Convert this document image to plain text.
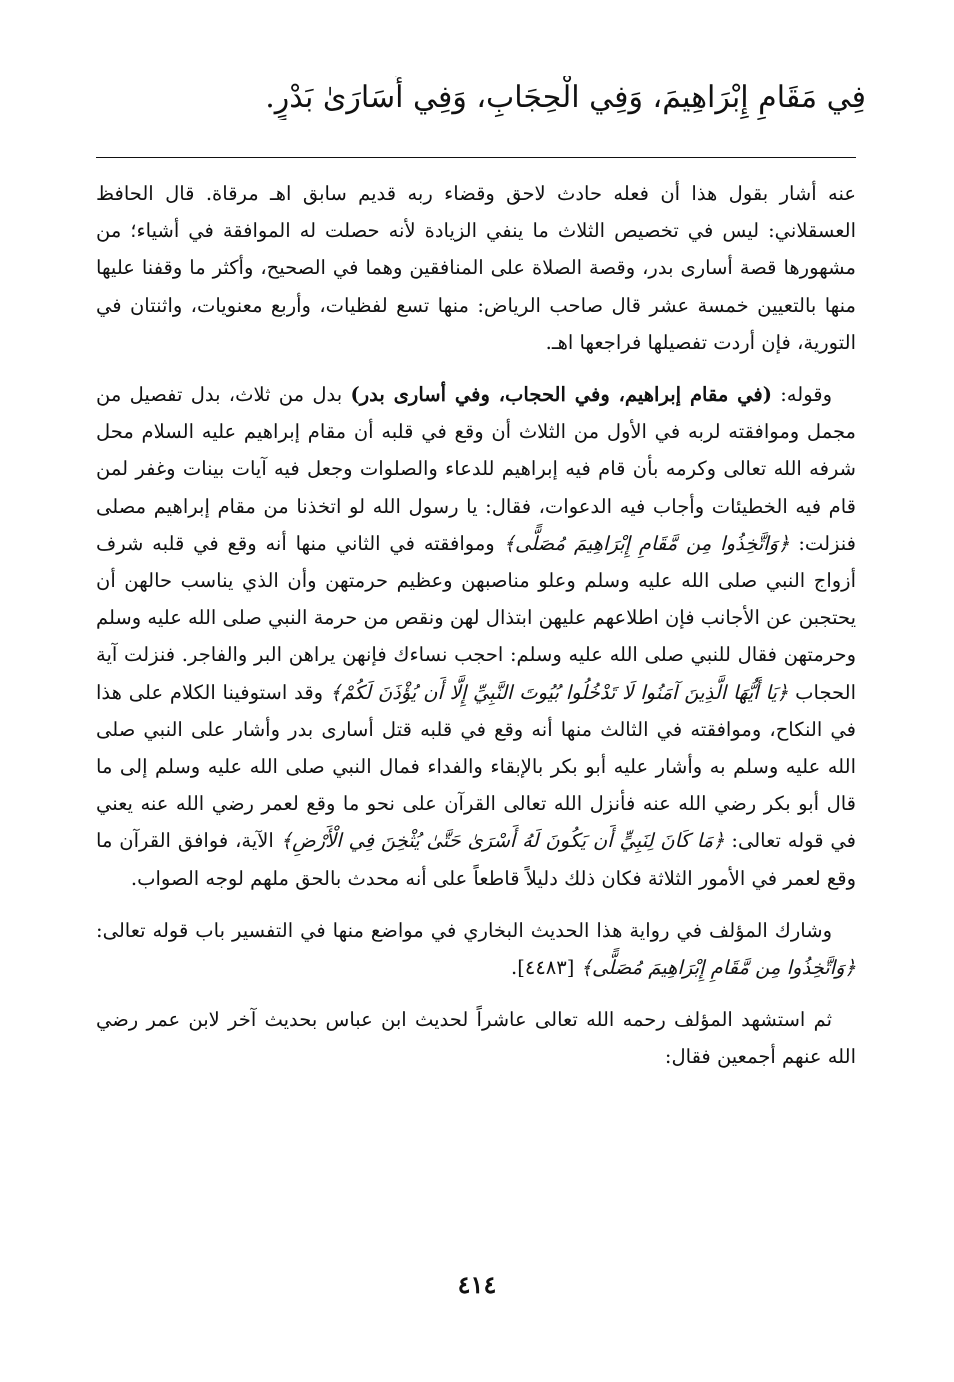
فِي مَقَامِ إِبْرَاهِيمَ، وَفِي الْحِجَابِ، وَفِي أُسَارَىٰ بَدْرٍ.

عنه أشار بقول هذا أن فعله حادث لاحق وقضاء ربه قديم سابق اهـ مرقاة. قال الحافظ العسقلاني: ليس في تخصيص الثلاث ما ينفي الزيادة لأنه حصلت له الموافقة في أشياء؛ من مشهورها قصة أسارى بدر، وقصة الصلاة على المنافقين وهما في الصحيح، وأكثر ما وقفنا عليها منها بالتعيين خمسة عشر قال صاحب الرياض: منها تسع لفظيات، وأربع معنويات، واثنتان في التورية، فإن أردت تفصيلها فراجعها اهـ.

وقوله: (في مقام إبراهيم، وفي الحجاب، وفي أسارى بدر) بدل من ثلاث، بدل تفصيل من مجمل وموافقته لربه في الأول من الثلاث أن وقع في قلبه أن مقام إبراهيم عليه السلام محل شرفه الله تعالى وكرمه بأن قام فيه إبراهيم للدعاء والصلوات وجعل فيه آيات بينات وغفر لمن قام فيه الخطيئات وأجاب فيه الدعوات، فقال: يا رسول الله لو اتخذنا من مقام إبراهيم مصلى فنزلت: ﴿وَاتَّخِذُوا مِن مَّقَامِ إِبْرَاهِيمَ مُصَلًّى﴾ وموافقته في الثاني منها أنه وقع في قلبه شرف أزواج النبي صلى الله عليه وسلم وعلو مناصبهن وعظيم حرمتهن وأن الذي يناسب حالهن أن يحتجبن عن الأجانب فإن اطلاعهم عليهن ابتذال لهن ونقص من حرمة النبي صلى الله عليه وسلم وحرمتهن فقال للنبي صلى الله عليه وسلم: احجب نساءك فإنهن يراهن البر والفاجر. فنزلت آية الحجاب ﴿يَا أَيُّهَا الَّذِينَ آمَنُوا لَا تَدْخُلُوا بُيُوتَ النَّبِيِّ إِلَّا أَن يُؤْذَنَ لَكُمْ﴾ وقد استوفينا الكلام على هذا في النكاح، وموافقته في الثالث منها أنه وقع في قلبه قتل أسارى بدر وأشار على النبي صلى الله عليه وسلم به وأشار عليه أبو بكر بالإبقاء والفداء فمال النبي صلى الله عليه وسلم إلى ما قال أبو بكر رضي الله عنه فأنزل الله تعالى القرآن على نحو ما وقع لعمر رضي الله عنه يعني في قوله تعالى: ﴿مَا كَانَ لِنَبِيٍّ أَن يَكُونَ لَهُ أَسْرَىٰ حَتَّىٰ يُثْخِنَ فِي الْأَرْضِ﴾ الآية، فوافق القرآن ما وقع لعمر في الأمور الثلاثة فكان ذلك دليلاً قاطعاً على أنه محدث بالحق ملهم لوجه الصواب.

وشارك المؤلف في رواية هذا الحديث البخاري في مواضع منها في التفسير باب قوله تعالى: ﴿وَاتَّخِذُوا مِن مَّقَامِ إِبْرَاهِيمَ مُصَلًّى﴾ [٤٤٨٣].

ثم استشهد المؤلف رحمه الله تعالى عاشراً لحديث ابن عباس بحديث آخر لابن عمر رضي الله عنهم أجمعين فقال:

٤١٤
